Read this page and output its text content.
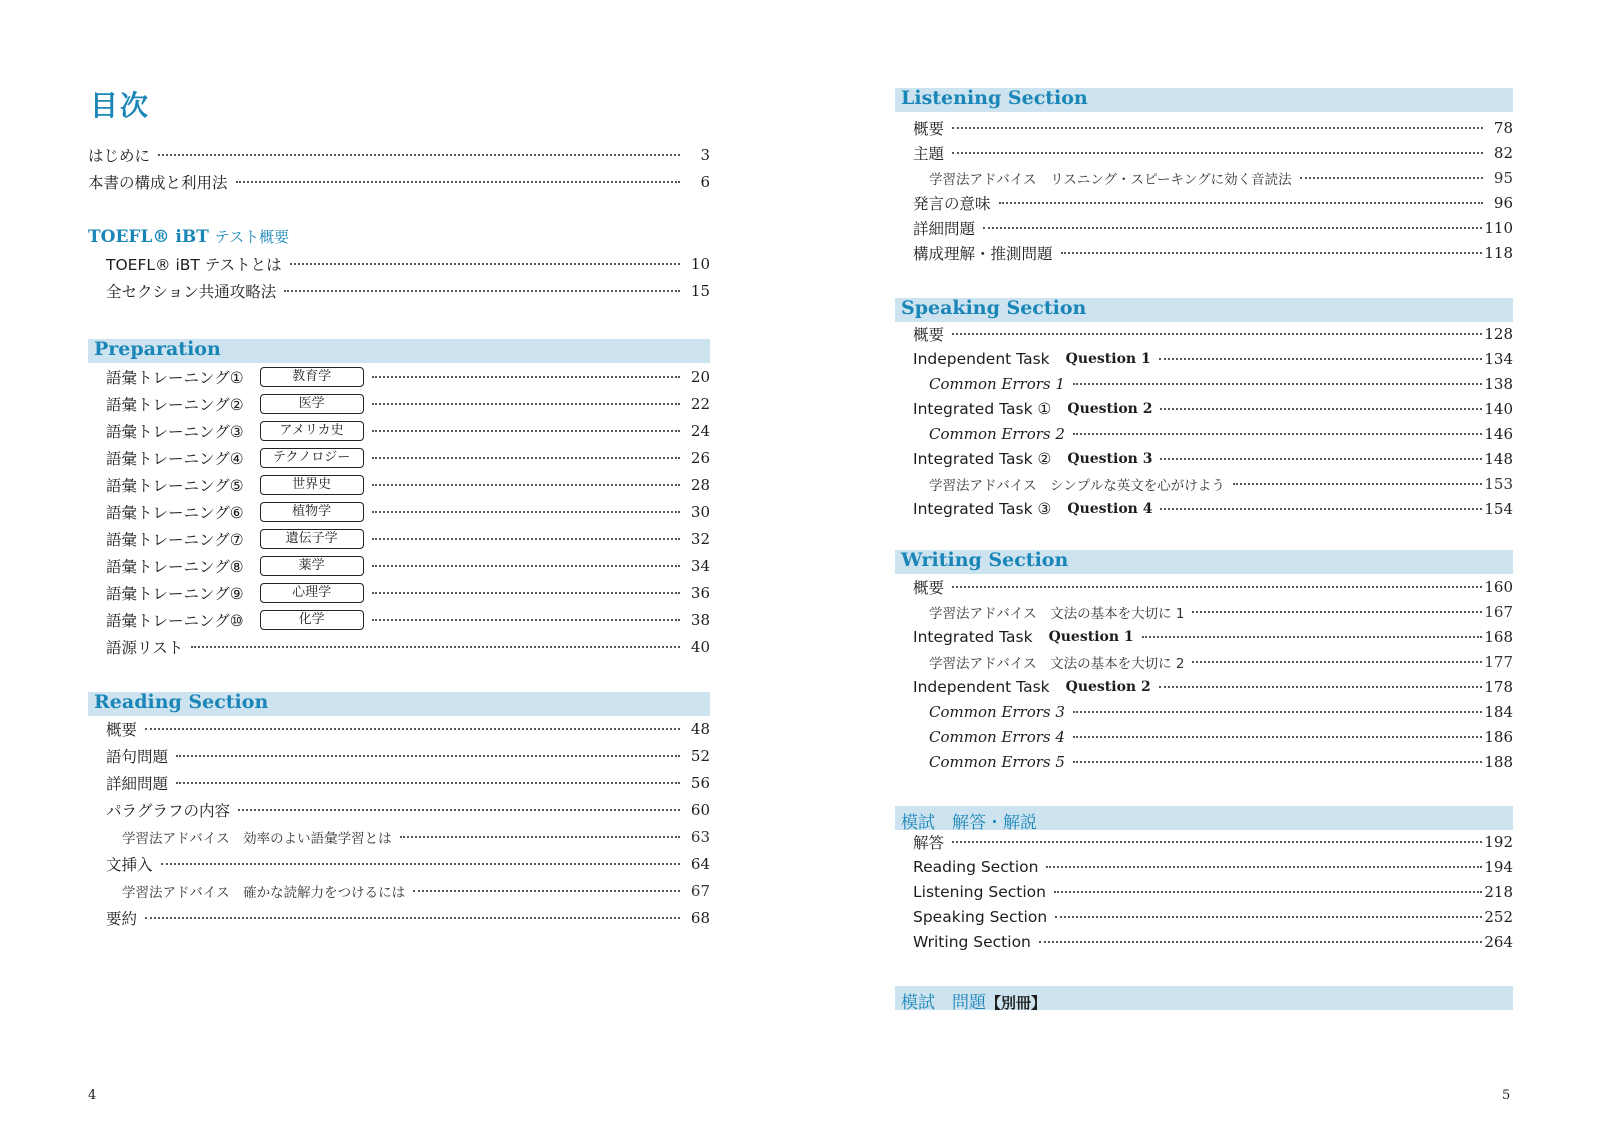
目次
はじめに	3
本書の構成と利用法	6
TOEFL® iBT テスト概要
TOEFL® iBT テストとは	10
全セクション共通攻略法	15
Preparation
語彙トレーニング①	教育学	20
語彙トレーニング②	医学	22
語彙トレーニング③	アメリカ史	24
語彙トレーニング④	テクノロジー	26
語彙トレーニング⑤	世界史	28
語彙トレーニング⑥	植物学	30
語彙トレーニング⑦	遺伝子学	32
語彙トレーニング⑧	薬学	34
語彙トレーニング⑨	心理学	36
語彙トレーニング⑩	化学	38
語源リスト	40
Reading Section
概要	48
語句問題	52
詳細問題	56
パラグラフの内容	60
学習法アドバイス　効率のよい語彙学習とは	63
文挿入	64
学習法アドバイス　確かな読解力をつけるには	67
要約	68
4
Listening Section
概要	78
主題	82
学習法アドバイス　リスニング・スピーキングに効く音読法	95
発言の意味	96
詳細問題	110
構成理解・推測問題	118
Speaking Section
概要	128
Independent Task Question 1	134
Common Errors 1	138
Integrated Task ① Question 2	140
Common Errors 2	146
Integrated Task ② Question 3	148
学習法アドバイス　シンプルな英文を心がけよう	153
Integrated Task ③ Question 4	154
Writing Section
概要	160
学習法アドバイス　文法の基本を大切に 1	167
Integrated Task Question 1	168
学習法アドバイス　文法の基本を大切に 2	177
Independent Task Question 2	178
Common Errors 3	184
Common Errors 4	186
Common Errors 5	188
模試　解答・解説
解答	192
Reading Section	194
Listening Section	218
Speaking Section	252
Writing Section	264
模試　問題【別冊】
5
